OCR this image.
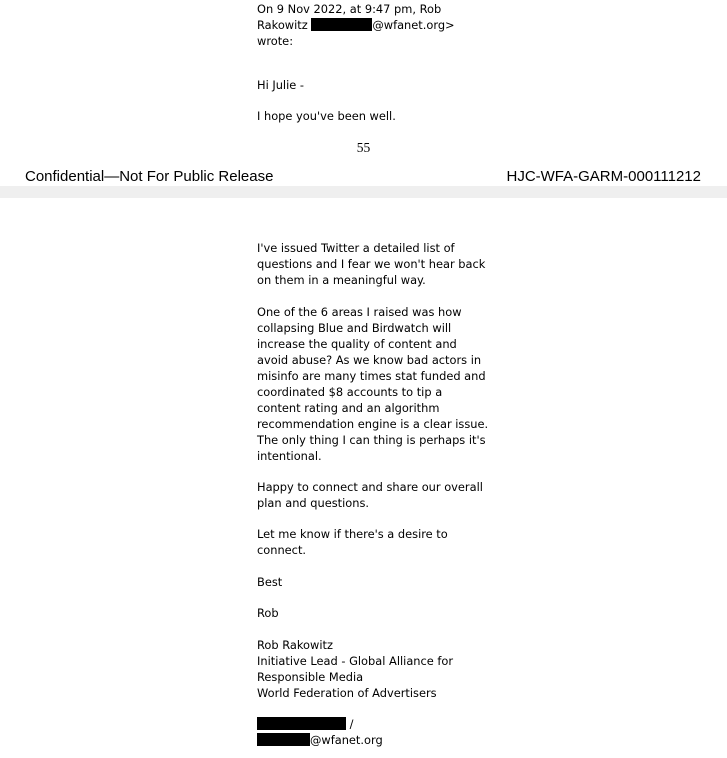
On 9 Nov 2022, at 9:47 pm, Rob
Rakowitz	@wfanet.org>
wrote:
Hi Julie -
I hope you've been well.
55
Confidential—Not For Public Release	HJC-WFA-GARM-000111212
I've issued Twitter a detailed list of
questions and I fear we won't hear back
on them in a meaningful way.
One of the 6 areas I raised was how
collapsing Blue and Birdwatch will
increase the quality of content and
avoid abuse? As we know bad actors in
misinfo are many times stat funded and
coordinated $8 accounts to tip a
content rating and an algorithm
recommendation engine is a clear issue.
The only thing I can thing is perhaps it's
intentional.
Happy to connect and share our overall
plan and questions.
Let me know if there's a desire to
connect.
Best
Rob
Rob Rakowitz
Initiative Lead - Global Alliance for
Responsible Media
World Federation of Advertisers
/
@wfanet.org
